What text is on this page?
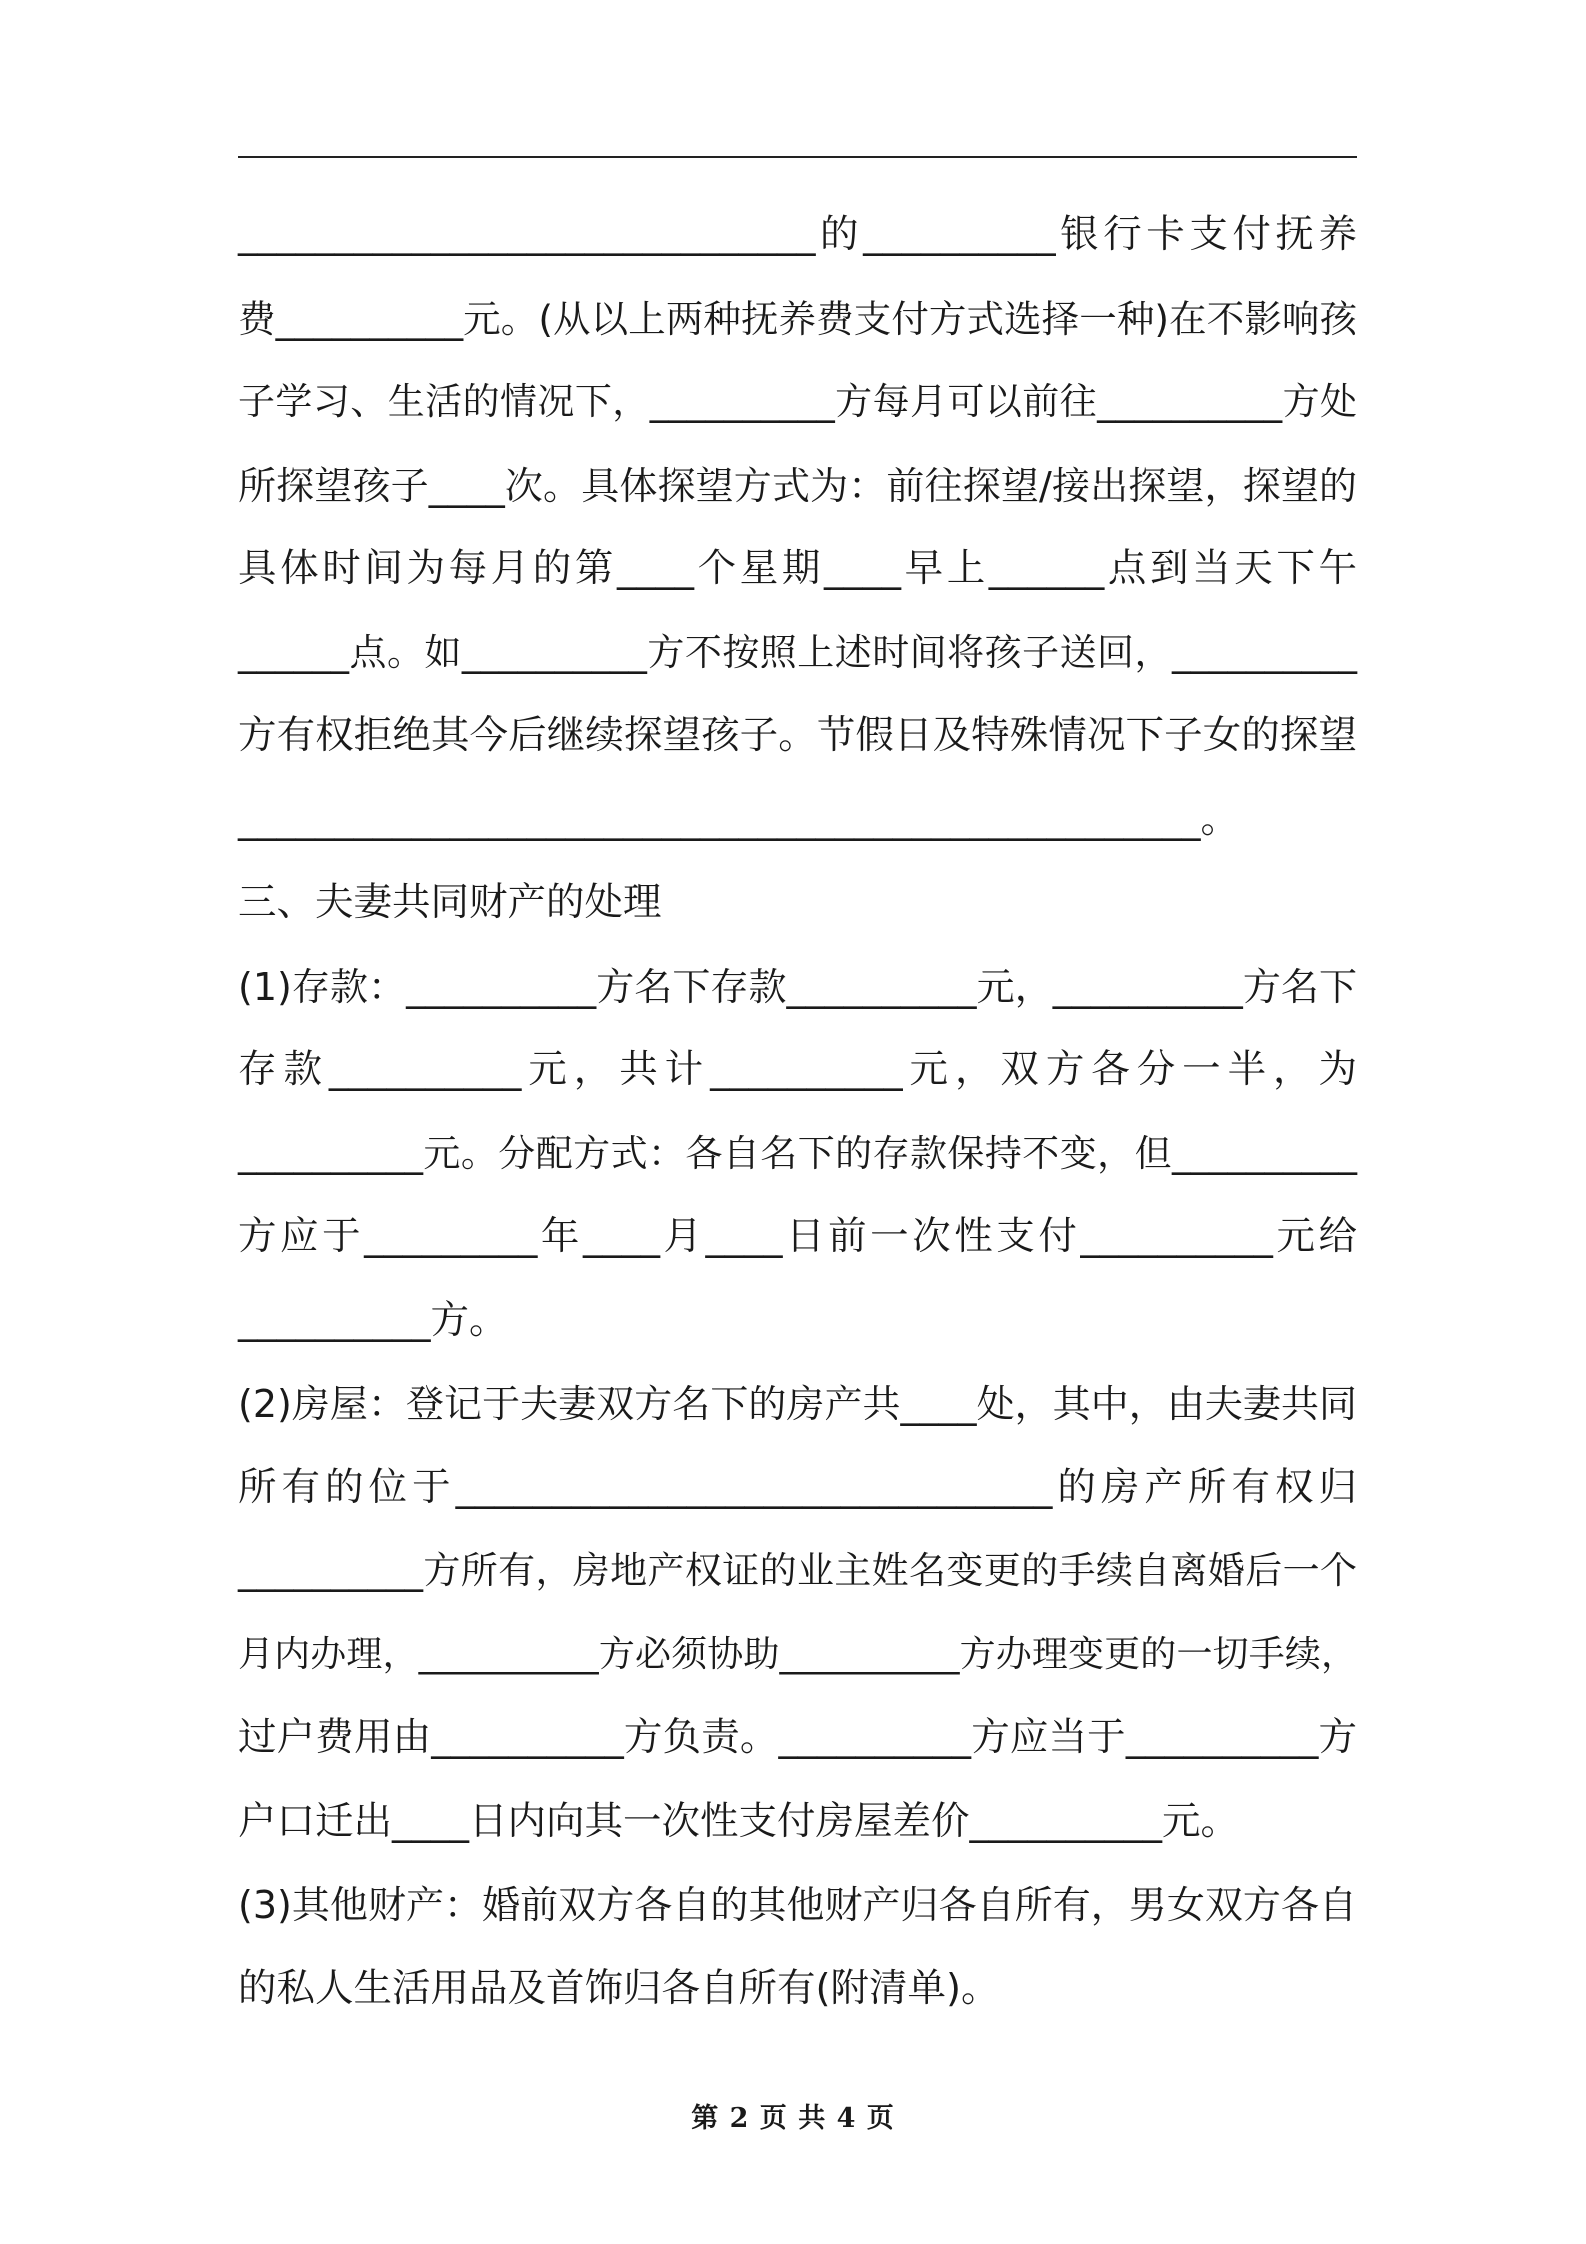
______________________________的__________银行卡支付抚养
费__________元。(从以上两种抚养费支付方式选择一种)在不影响孩
子学习、生活的情况下，__________方每月可以前往__________方处
所探望孩子____次。具体探望方式为：前往探望/接出探望，探望的
具体时间为每月的第____个星期____早上______点到当天下午
______点。如__________方不按照上述时间将孩子送回，__________
方有权拒绝其今后继续探望孩子。节假日及特殊情况下子女的探望
__________________________________________________。
三、夫妻共同财产的处理
(1)存款：__________方名下存款__________元，__________方名下
存款__________元，共计__________元，双方各分一半，为
__________元。分配方式：各自名下的存款保持不变，但__________
方应于_________年____月____日前一次性支付__________元给
__________方。
(2)房屋：登记于夫妻双方名下的房产共____处，其中，由夫妻共同
所有的位于_______________________________的房产所有权归
__________方所有，房地产权证的业主姓名变更的手续自离婚后一个
月内办理，__________方必须协助__________方办理变更的一切手续，
过户费用由__________方负责。__________方应当于__________方
户口迁出____日内向其一次性支付房屋差价__________元。
(3)其他财产：婚前双方各自的其他财产归各自所有，男女双方各自
的私人生活用品及首饰归各自所有(附清单)。
第 2 页 共 4 页
